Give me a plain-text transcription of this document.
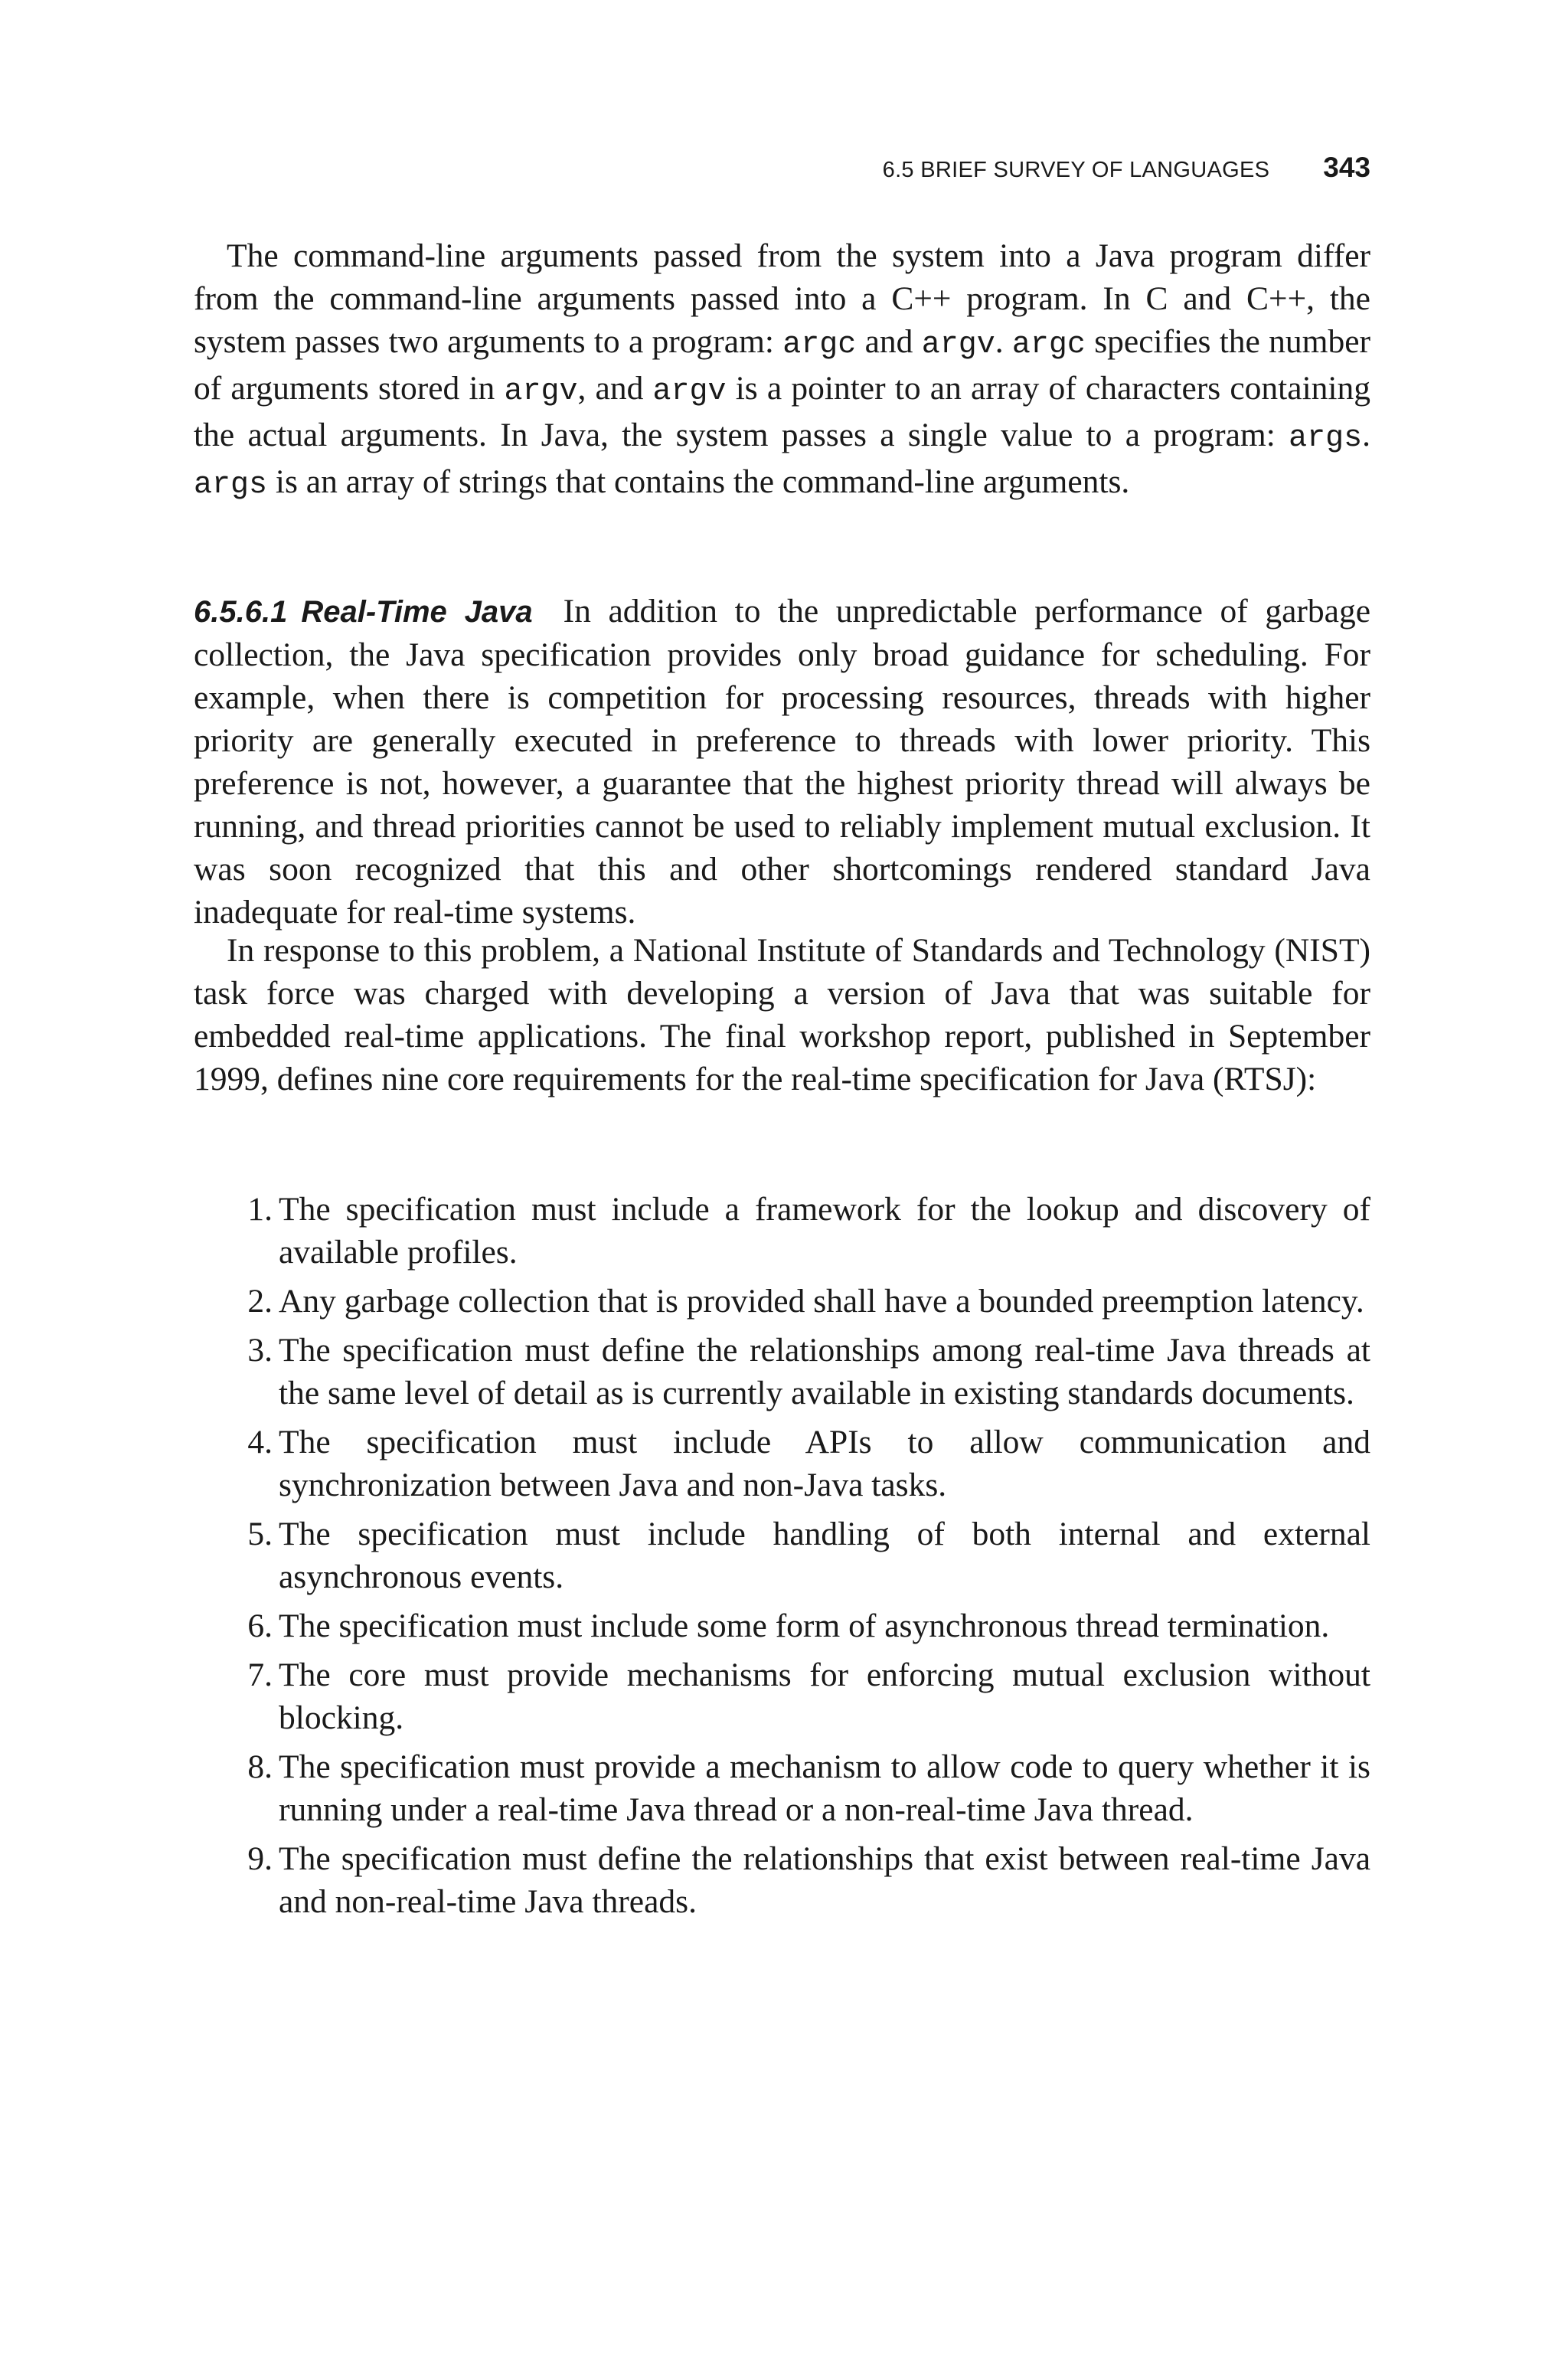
6.5 BRIEF SURVEY OF LANGUAGES 343

The command-line arguments passed from the system into a Java program differ from the command-line arguments passed into a C++ program. In C and C++, the system passes two arguments to a program: argc and argv. argc specifies the number of arguments stored in argv, and argv is a pointer to an array of characters containing the actual arguments. In Java, the system passes a single value to a program: args. args is an array of strings that contains the command-line arguments.

6.5.6.1 Real-Time Java In addition to the unpredictable performance of garbage collection, the Java specification provides only broad guidance for scheduling. For example, when there is competition for processing resources, threads with higher priority are generally executed in preference to threads with lower priority. This preference is not, however, a guarantee that the highest priority thread will always be running, and thread priorities cannot be used to reliably implement mutual exclusion. It was soon recognized that this and other shortcomings rendered standard Java inadequate for real-time systems.

In response to this problem, a National Institute of Standards and Technology (NIST) task force was charged with developing a version of Java that was suitable for embedded real-time applications. The final workshop report, published in September 1999, defines nine core requirements for the real-time specification for Java (RTSJ):

1. The specification must include a framework for the lookup and discovery of available profiles.
2. Any garbage collection that is provided shall have a bounded preemption latency.
3. The specification must define the relationships among real-time Java threads at the same level of detail as is currently available in existing standards documents.
4. The specification must include APIs to allow communication and synchronization between Java and non-Java tasks.
5. The specification must include handling of both internal and external asynchronous events.
6. The specification must include some form of asynchronous thread termination.
7. The core must provide mechanisms for enforcing mutual exclusion without blocking.
8. The specification must provide a mechanism to allow code to query whether it is running under a real-time Java thread or a non-real-time Java thread.
9. The specification must define the relationships that exist between real-time Java and non-real-time Java threads.
